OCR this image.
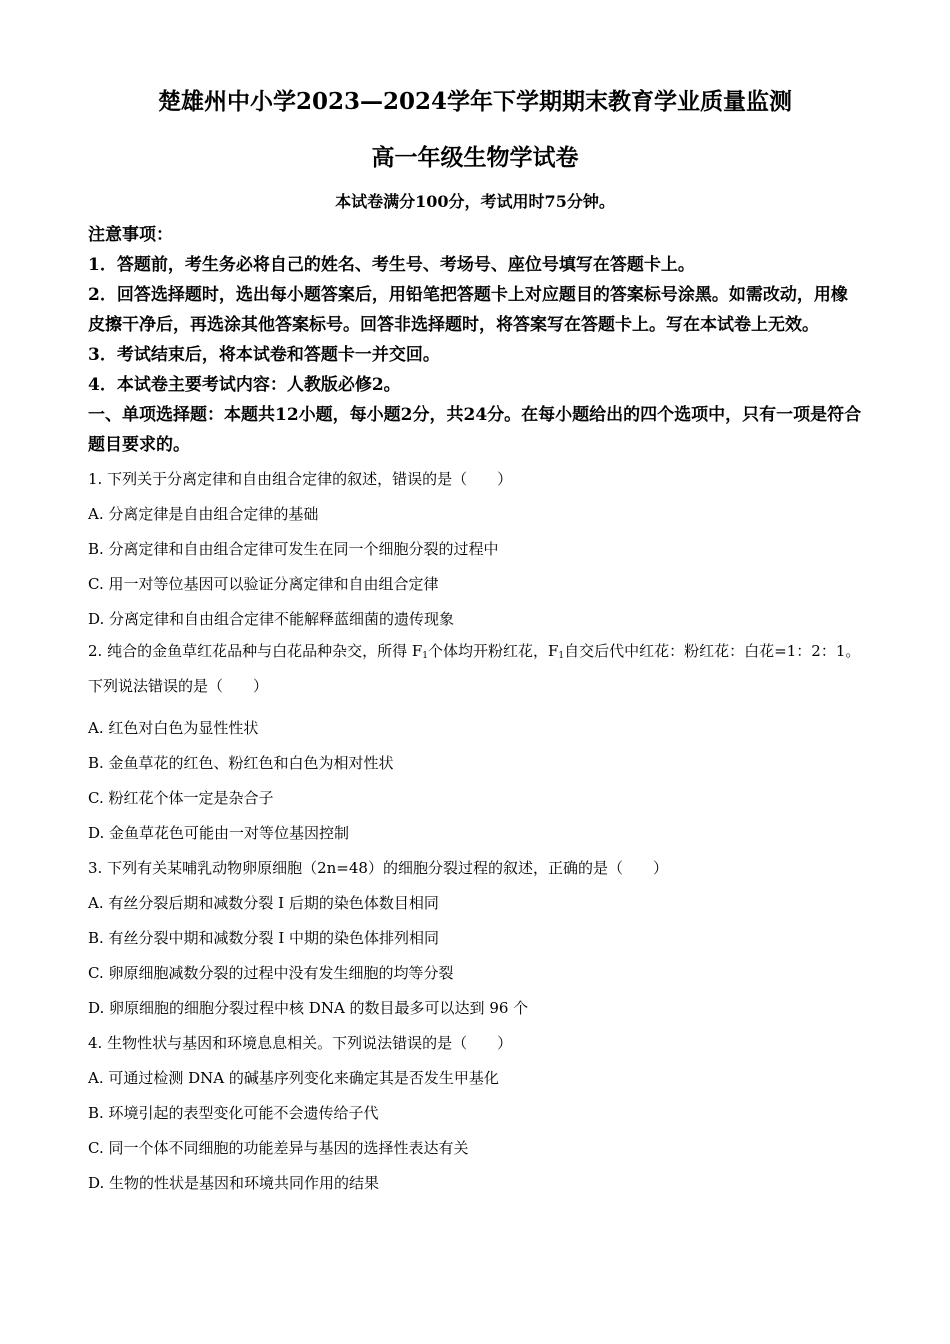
楚雄州中小学2023—2024学年下学期期末教育学业质量监测
高一年级生物学试卷
本试卷满分100分，考试用时75分钟。
注意事项：
1．答题前，考生务必将自己的姓名、考生号、考场号、座位号填写在答题卡上。
2．回答选择题时，选出每小题答案后，用铅笔把答题卡上对应题目的答案标号涂黑。如需改动，用橡皮擦干净后，再选涂其他答案标号。回答非选择题时，将答案写在答题卡上。写在本试卷上无效。
3．考试结束后，将本试卷和答题卡一并交回。
4．本试卷主要考试内容：人教版必修2。
一、单项选择题：本题共12小题，每小题2分，共24分。在每小题给出的四个选项中，只有一项是符合题目要求的。
1. 下列关于分离定律和自由组合定律的叙述，错误的是（　　）
A. 分离定律是自由组合定律的基础
B. 分离定律和自由组合定律可发生在同一个细胞分裂的过程中
C. 用一对等位基因可以验证分离定律和自由组合定律
D. 分离定律和自由组合定律不能解释蓝细菌的遗传现象
2. 纯合的金鱼草红花品种与白花品种杂交，所得 $F_1$个体均开粉红花，$F_1$自交后代中红花：粉红花：白花=1：2：1。下列说法错误的是（　　）
A. 红色对白色为显性性状
B. 金鱼草花的红色、粉红色和白色为相对性状
C. 粉红花个体一定是杂合子
D. 金鱼草花色可能由一对等位基因控制
3. 下列有关某哺乳动物卵原细胞（2n=48）的细胞分裂过程的叙述，正确的是（　　）
A. 有丝分裂后期和减数分裂 I 后期的染色体数目相同
B. 有丝分裂中期和减数分裂 I 中期的染色体排列相同
C. 卵原细胞减数分裂的过程中没有发生细胞的均等分裂
D. 卵原细胞的细胞分裂过程中核 DNA 的数目最多可以达到 96 个
4. 生物性状与基因和环境息息相关。下列说法错误的是（　　）
A. 可通过检测 DNA 的碱基序列变化来确定其是否发生甲基化
B. 环境引起的表型变化可能不会遗传给子代
C. 同一个体不同细胞的功能差异与基因的选择性表达有关
D. 生物的性状是基因和环境共同作用的结果
